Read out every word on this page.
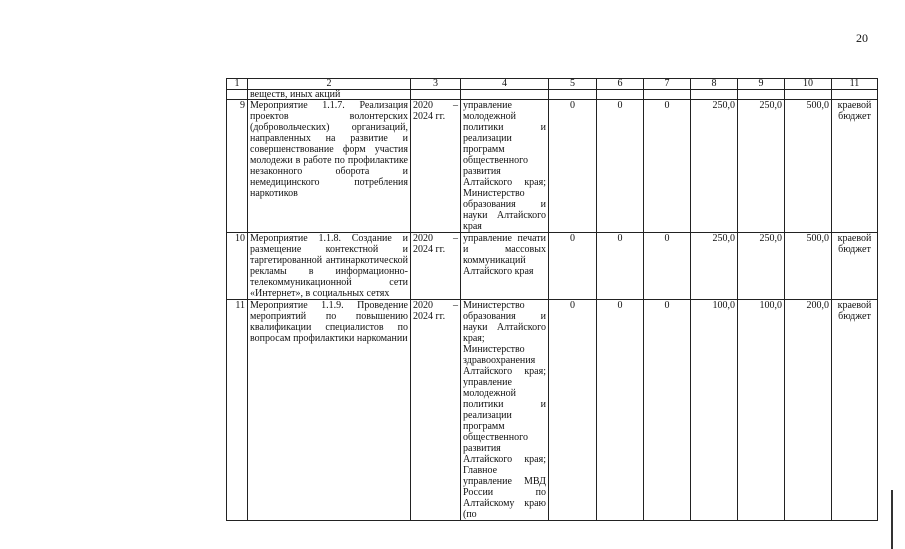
20
1	2	3	4	5	6	7	8	9	10	11
	веществ, иных акций									
9	Мероприятие 1.1.7. Реализация проектов волонтерских (добровольческих) организаций, направленных на развитие и совершенствование форм участия молодежи в работе по профилактике незаконного оборота и немедицинского потребления наркотиков	2020 – 2024 гг.	управление молодежной политики и реализации программ общественного развития Алтайского края; Министерство образования и науки Алтайского края	0	0	0	250,0	250,0	500,0	краевой бюджет
10	Мероприятие 1.1.8. Создание и размещение контекстной и таргетированной антинаркотической рекламы в информационно-телекоммуникационной сети «Интернет», в социальных сетях	2020 – 2024 гг.	управление печати и массовых коммуникаций Алтайского края	0	0	0	250,0	250,0	500,0	краевой бюджет
11	Мероприятие 1.1.9. Проведение мероприятий по повышению квалификации специалистов по вопросам профилактики наркомании	2020 – 2024 гг.	Министерство образования и науки Алтайского края; Министерство здравоохранения Алтайского края; управление молодежной политики и реализации программ общественного развития Алтайского края; Главное управление МВД России по Алтайскому краю (по	0	0	0	100,0	100,0	200,0	краевой бюджет
